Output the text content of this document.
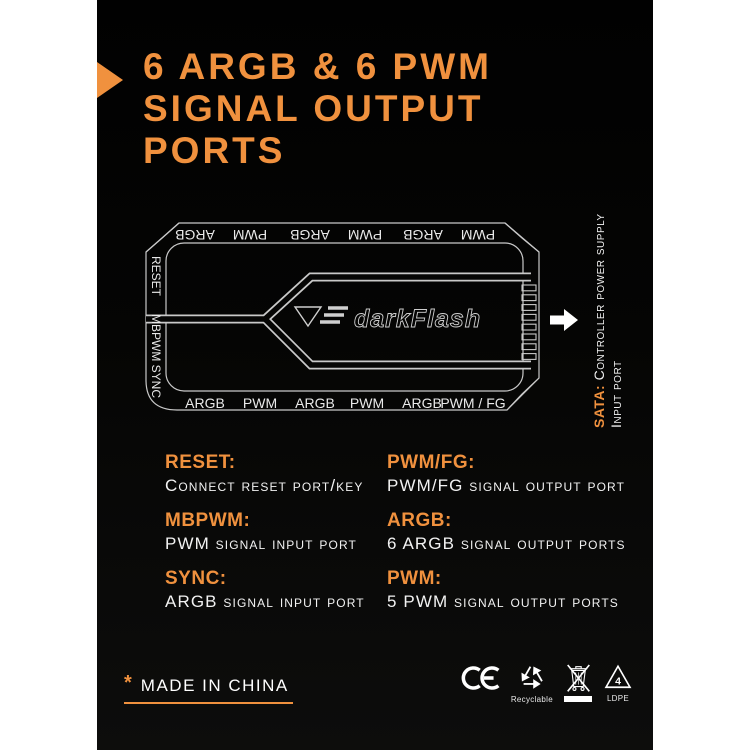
6 ARGB & 6 PWM
SIGNAL OUTPUT
PORTS
darkFlash
ARGB PWM ARGB PWM ARGB PWM
ARGB PWM ARGB PWM ARGB
PWM / FG
RESET
MBPWM SYNC
SATA: Controller power supply
Input port
RESET:
Connect reset port/key
MBPWM:
PWM signal input port
SYNC:
ARGB signal input port
PWM/FG:
PWM/FG signal output port
ARGB:
6 ARGB signal output ports
PWM:
5 PWM signal output ports
* MADE IN CHINA
Recyclable
4
LDPE
